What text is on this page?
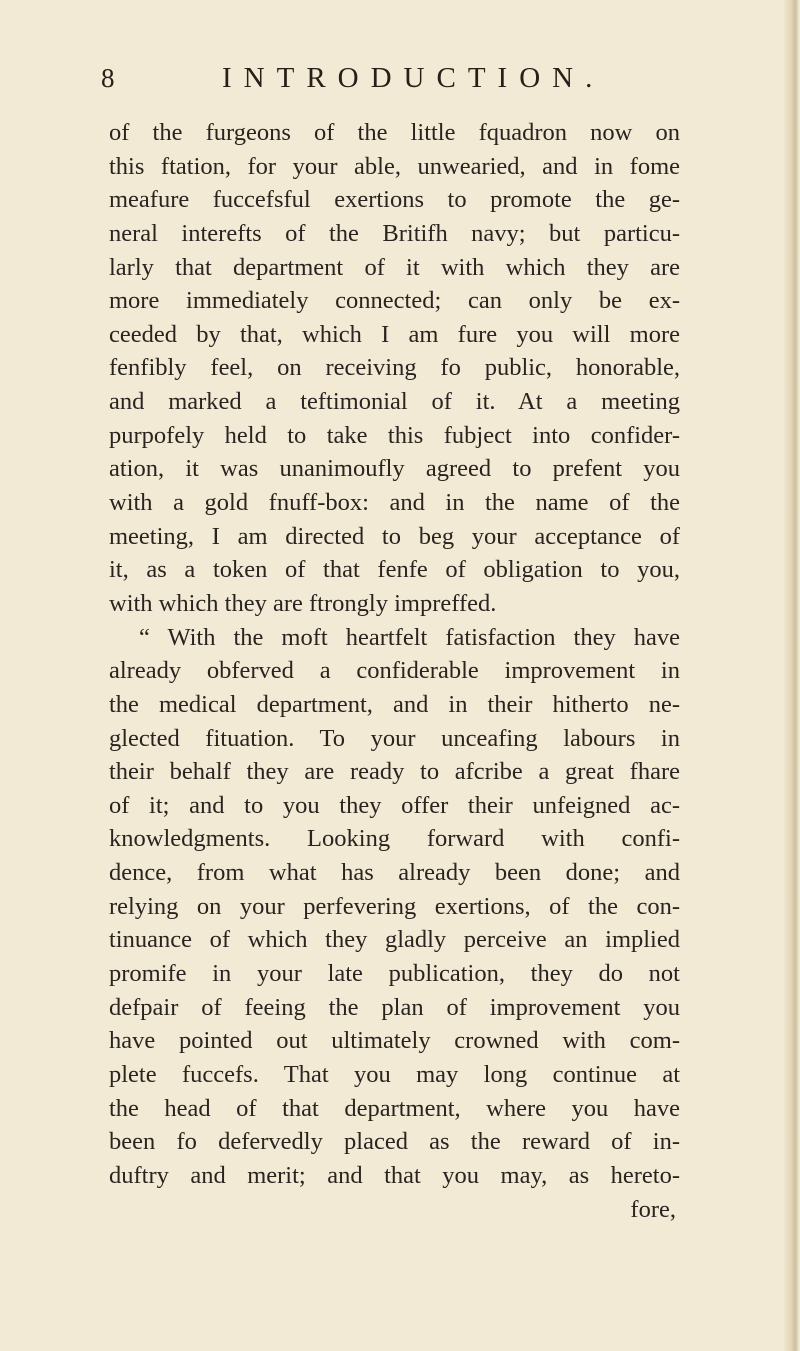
8	INTRODUCTION.
of the furgeons of the little fquadron now on
this ftation, for your able, unwearied, and in fome
meafure fuccefsful exertions to promote the ge-
neral interefts of the Britifh navy; but particu-
larly that department of it with which they are
more immediately connected; can only be ex-
ceeded by that, which I am fure you will more
fenfibly feel, on receiving fo public, honorable,
and marked a teftimonial of it. At a meeting
purpofely held to take this fubject into confider-
ation, it was unanimoufly agreed to prefent you
with a gold fnuff-box: and in the name of the
meeting, I am directed to beg your acceptance of
it, as a token of that fenfe of obligation to you,
with which they are ftrongly impreffed.
“ With the moft heartfelt fatisfaction they have
already obferved a confiderable improvement in
the medical department, and in their hitherto ne-
glected fituation. To your unceafing labours in
their behalf they are ready to afcribe a great fhare
of it; and to you they offer their unfeigned ac-
knowledgments. Looking forward with confi-
dence, from what has already been done; and
relying on your perfevering exertions, of the con-
tinuance of which they gladly perceive an implied
promife in your late publication, they do not
defpair of feeing the plan of improvement you
have pointed out ultimately crowned with com-
plete fuccefs. That you may long continue at
the head of that department, where you have
been fo defervedly placed as the reward of in-
duftry and merit; and that you may, as hereto-
fore,
